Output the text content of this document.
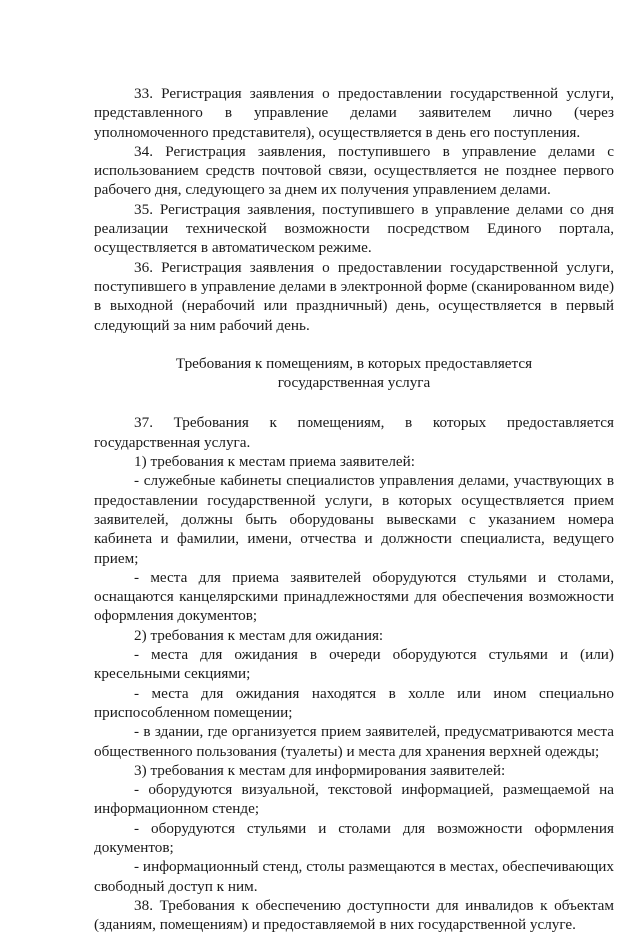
33. Регистрация заявления о предоставлении государственной услуги, представленного в управление делами заявителем лично (через уполномоченного представителя), осуществляется в день его поступления.

34. Регистрация заявления, поступившего в управление делами с использованием средств почтовой связи, осуществляется не позднее первого рабочего дня, следующего за днем их получения управлением делами.

35. Регистрация заявления, поступившего в управление делами со дня реализации технической возможности посредством Единого портала, осуществляется в автоматическом режиме.

36. Регистрация заявления о предоставлении государственной услуги, поступившего в управление делами в электронной форме (сканированном виде) в выходной (нерабочий или праздничный) день, осуществляется в первый следующий за ним рабочий день.

Требования к помещениям, в которых предоставляется
государственная услуга

37. Требования к помещениям, в которых предоставляется государственная услуга.

1) требования к местам приема заявителей:

- служебные кабинеты специалистов управления делами, участвующих в предоставлении государственной услуги, в которых осуществляется прием заявителей, должны быть оборудованы вывесками с указанием номера кабинета и фамилии, имени, отчества и должности специалиста, ведущего прием;

- места для приема заявителей оборудуются стульями и столами, оснащаются канцелярскими принадлежностями для обеспечения возможности оформления документов;

2) требования к местам для ожидания:

- места для ожидания в очереди оборудуются стульями и (или) кресельными секциями;

- места для ожидания находятся в холле или ином специально приспособленном помещении;

- в здании, где организуется прием заявителей, предусматриваются места общественного пользования (туалеты) и места для хранения верхней одежды;

3) требования к местам для информирования заявителей:

- оборудуются визуальной, текстовой информацией, размещаемой на информационном стенде;

- оборудуются стульями и столами для возможности оформления документов;

- информационный стенд, столы размещаются в местах, обеспечивающих свободный доступ к ним.

38. Требования к обеспечению доступности для инвалидов к объектам (зданиям, помещениям) и предоставляемой в них государственной услуге.
